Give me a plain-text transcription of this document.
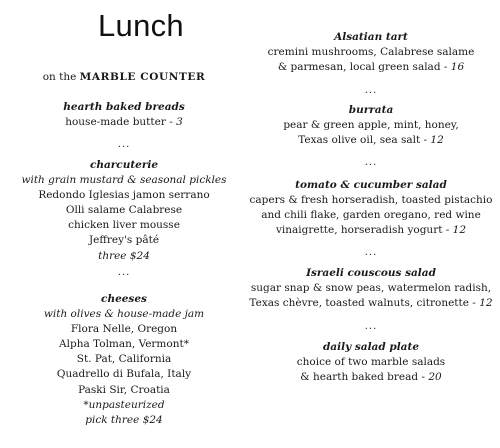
Lunch
on the MARBLE COUNTER
hearth baked breads
house-made butter - 3
...
charcuterie
with grain mustard & seasonal pickles
Redondo Iglesias jamon serrano
Olli salame Calabrese
chicken liver mousse
Jeffrey's pâté
three $24
...
cheeses
with olives & house-made jam
Flora Nelle, Oregon
Alpha Tolman, Vermont*
St. Pat, California
Quadrello di Bufala, Italy
Paski Sir, Croatia
*unpasteurized
pick three $24
Alsatian tart
cremini mushrooms, Calabrese salame
& parmesan, local green salad - 16
...
burrata
pear & green apple, mint, honey,
Texas olive oil, sea salt - 12
...
tomato & cucumber salad
capers & fresh horseradish, toasted pistachio
and chili flake, garden oregano, red wine
vinaigrette, horseradish yogurt - 12
...
Israeli couscous salad
sugar snap & snow peas, watermelon radish,
Texas chèvre, toasted walnuts, citronette - 12
...
daily salad plate
choice of two marble salads
& hearth baked bread - 20
